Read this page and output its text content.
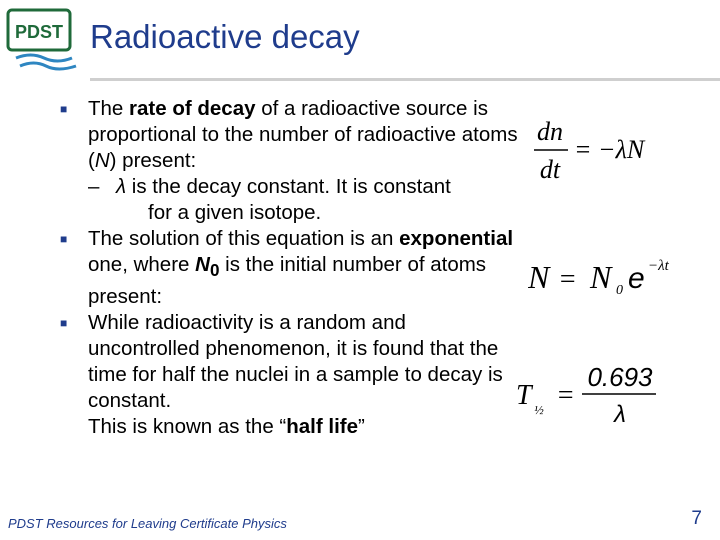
PDST Radioactive decay
■ The rate of decay of a radioactive source is proportional to the number of radioactive atoms (N) present:
– λ is the decay constant. It is constant
for a given isotope.
■ The solution of this equation is an exponential one, where $N_0$ is the initial number of atoms present:
■ While radioactivity is a random and uncontrolled phenomenon, it is found that the time for half the nuclei in a sample to decay is constant.
This is known as the “half life”
dn
dt
= −λN
N = N 0 e −λt
T ½ =
0.693
λ
PDST Resources for Leaving Certificate Physics	7
